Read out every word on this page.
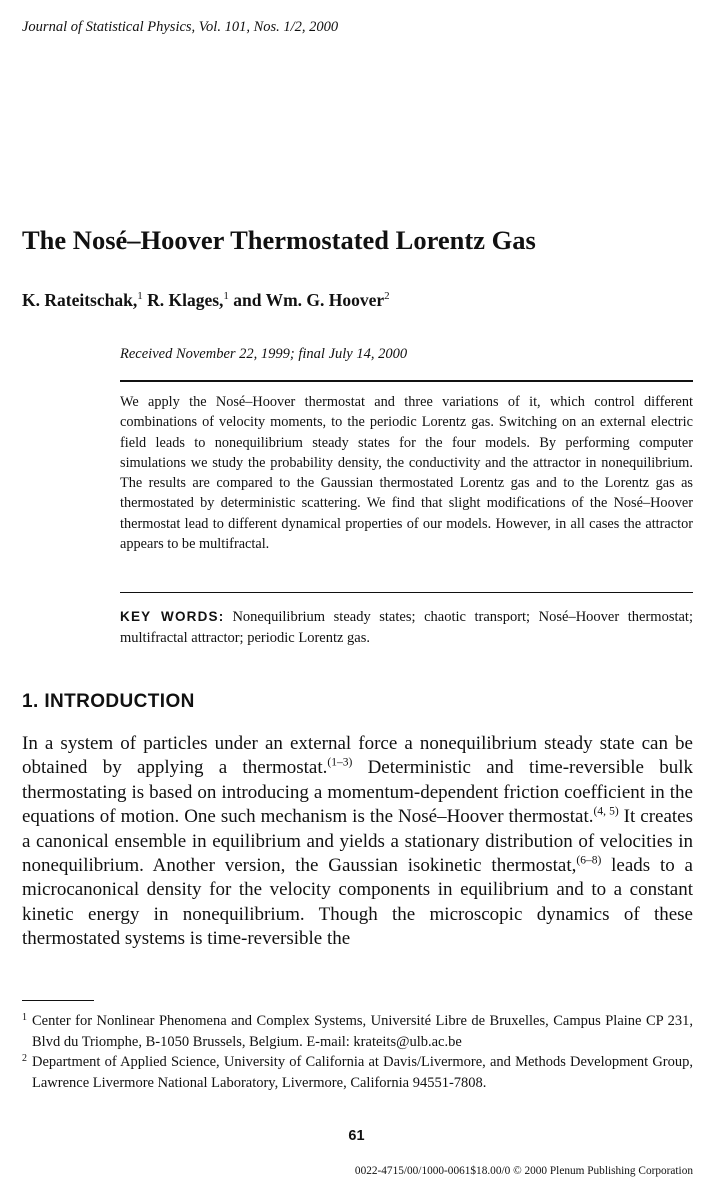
Journal of Statistical Physics, Vol. 101, Nos. 1/2, 2000
The Nosé–Hoover Thermostated Lorentz Gas
K. Rateitschak,$^1$ R. Klages,$^1$ and Wm. G. Hoover$^2$
Received November 22, 1999; final July 14, 2000
We apply the Nosé–Hoover thermostat and three variations of it, which control different combinations of velocity moments, to the periodic Lorentz gas. Switching on an external electric field leads to nonequilibrium steady states for the four models. By performing computer simulations we study the probability density, the conductivity and the attractor in nonequilibrium. The results are compared to the Gaussian thermostated Lorentz gas and to the Lorentz gas as thermostated by deterministic scattering. We find that slight modifications of the Nosé–Hoover thermostat lead to different dynamical properties of our models. However, in all cases the attractor appears to be multifractal.
KEY WORDS: Nonequilibrium steady states; chaotic transport; Nosé–Hoover thermostat; multifractal attractor; periodic Lorentz gas.
1. INTRODUCTION
In a system of particles under an external force a nonequilibrium steady state can be obtained by applying a thermostat.$^{(1-3)}$ Deterministic and time-reversible bulk thermostating is based on introducing a momentum-dependent friction coefficient in the equations of motion. One such mechanism is the Nosé–Hoover thermostat.$^{(4, 5)}$ It creates a canonical ensemble in equilibrium and yields a stationary distribution of velocities in nonequilibrium. Another version, the Gaussian isokinetic thermostat,$^{(6-8)}$ leads to a microcanonical density for the velocity components in equilibrium and to a constant kinetic energy in nonequilibrium. Though the microscopic dynamics of these thermostated systems is time-reversible the
1 Center for Nonlinear Phenomena and Complex Systems, Université Libre de Bruxelles, Campus Plaine CP 231, Blvd du Triomphe, B-1050 Brussels, Belgium. E-mail: krateits@ulb.ac.be
2 Department of Applied Science, University of California at Davis/Livermore, and Methods Development Group, Lawrence Livermore National Laboratory, Livermore, California 94551-7808.
61
0022-4715/00/1000-0061$18.00/0 © 2000 Plenum Publishing Corporation
